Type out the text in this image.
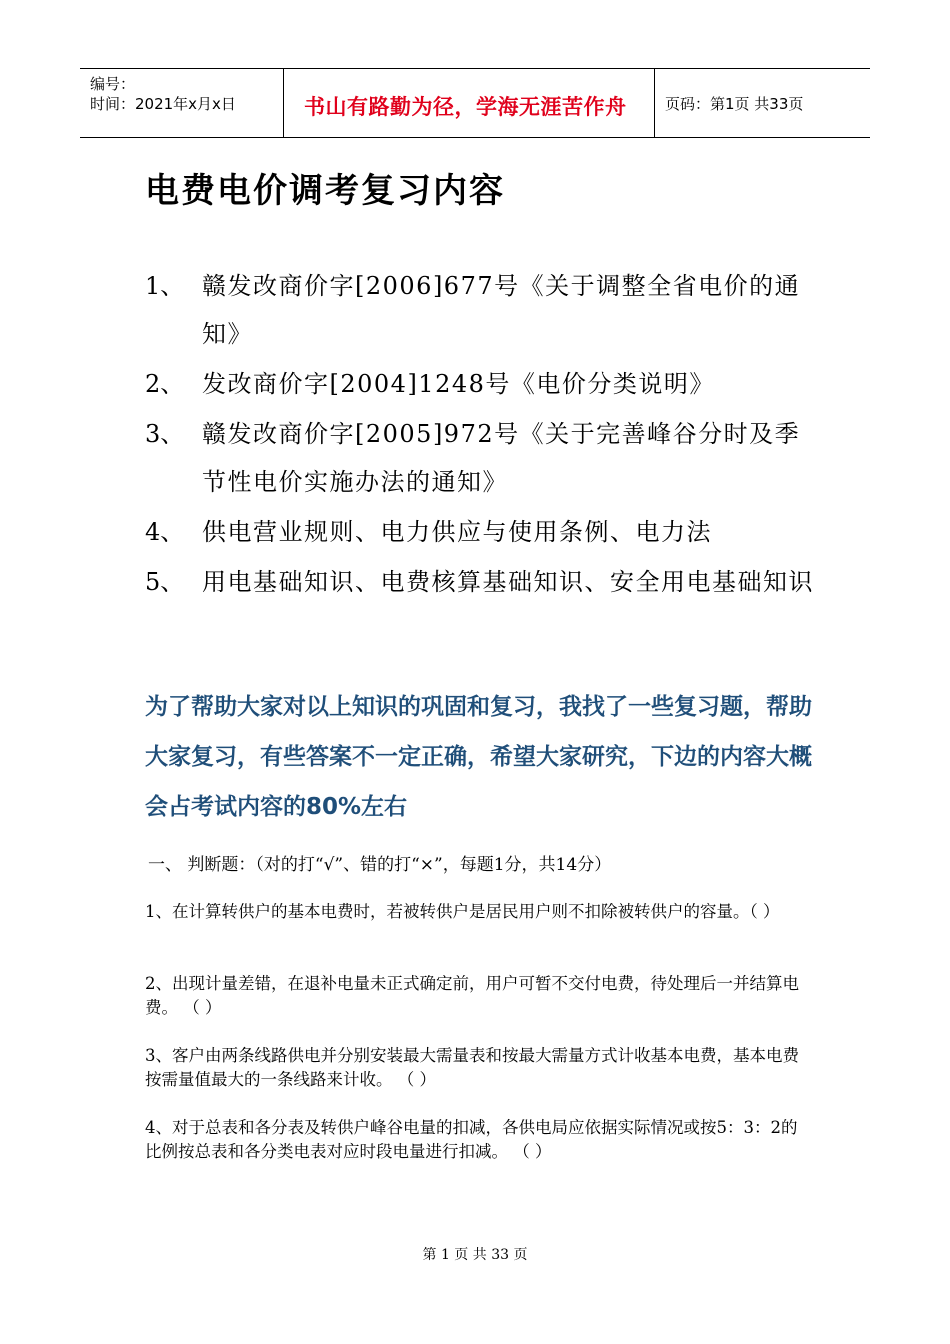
编号：
时间：2021年x月x日	书山有路勤为径，学海无涯苦作舟	页码：第1页 共33页
电费电价调考复习内容
1、 赣发改商价字[2006]677号《关于调整全省电价的通知》
2、 发改商价字[2004]1248号《电价分类说明》
3、 赣发改商价字[2005]972号《关于完善峰谷分时及季节性电价实施办法的通知》
4、 供电营业规则、电力供应与使用条例、电力法
5、 用电基础知识、电费核算基础知识、安全用电基础知识
为了帮助大家对以上知识的巩固和复习，我找了一些复习题，帮助大家复习，有些答案不一定正确，希望大家研究，下边的内容大概会占考试内容的80%左右
一、 判断题：（对的打“√”、错的打“×”，每题1分，共14分）
1、在计算转供户的基本电费时，若被转供户是居民用户则不扣除被转供户的容量。（ ）
2、出现计量差错，在退补电量未正式确定前，用户可暂不交付电费，待处理后一并结算电费。 （ ）
3、客户由两条线路供电并分别安装最大需量表和按最大需量方式计收基本电费，基本电费按需量值最大的一条线路来计收。 （ ）
4、对于总表和各分表及转供户峰谷电量的扣减，各供电局应依据实际情况或按5：3：2的比例按总表和各分类电表对应时段电量进行扣减。 （ ）
第 1 页 共 33 页
